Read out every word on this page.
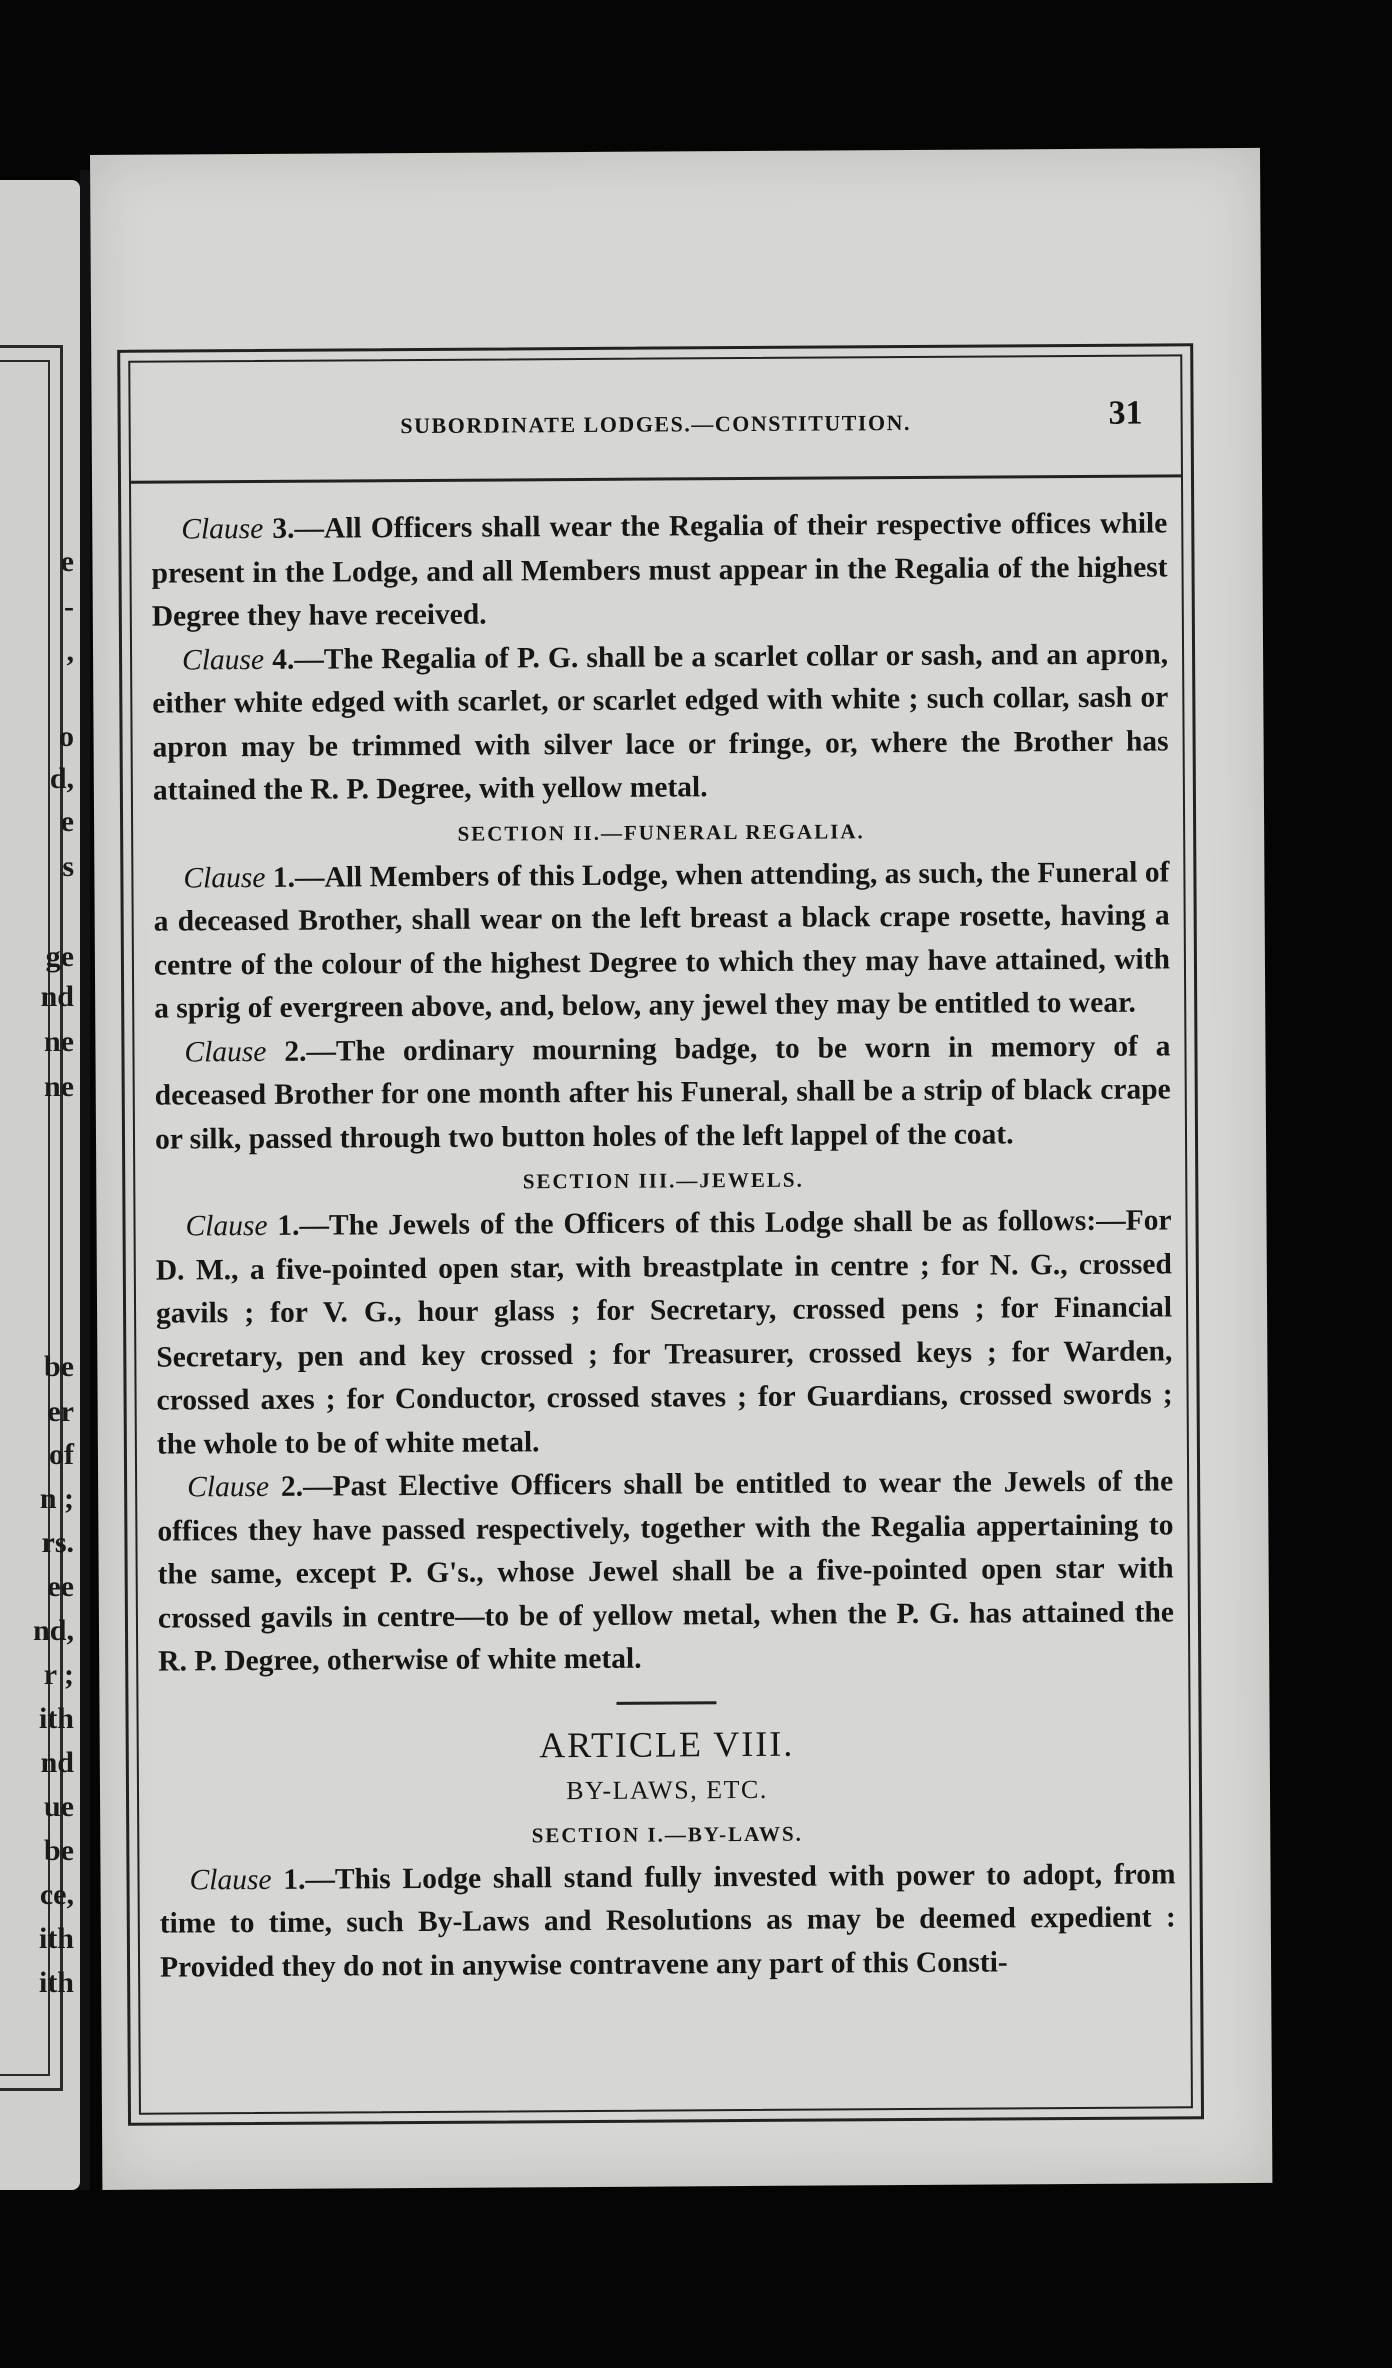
e
-
,
o
d,
e
s
ge
nd
ne
ne
be
er
of
n ;
rs.
ee
nd,
r ;
ith
nd
ue
be
ce,
ith
ith
SUBORDINATE LODGES.—CONSTITUTION.	31

Clause 3.—All Officers shall wear the Regalia of their respective offices while present in the Lodge, and all Members must appear in the Regalia of the highest Degree they have received.

Clause 4.—The Regalia of P. G. shall be a scarlet collar or sash, and an apron, either white edged with scarlet, or scarlet edged with white ; such collar, sash or apron may be trimmed with silver lace or fringe, or, where the Brother has attained the R. P. Degree, with yellow metal.

SECTION II.—FUNERAL REGALIA.

Clause 1.—All Members of this Lodge, when attending, as such, the Funeral of a deceased Brother, shall wear on the left breast a black crape rosette, having a centre of the colour of the highest Degree to which they may have attained, with a sprig of evergreen above, and, below, any jewel they may be entitled to wear.

Clause 2.—The ordinary mourning badge, to be worn in memory of a deceased Brother for one month after his Funeral, shall be a strip of black crape or silk, passed through two button holes of the left lappel of the coat.

SECTION III.—JEWELS.

Clause 1.—The Jewels of the Officers of this Lodge shall be as follows:—For D. M., a five-pointed open star, with breastplate in centre ; for N. G., crossed gavils ; for V. G., hour glass ; for Secretary, crossed pens ; for Financial Secretary, pen and key crossed ; for Treasurer, crossed keys ; for Warden, crossed axes ; for Conductor, crossed staves ; for Guardians, crossed swords ; the whole to be of white metal.

Clause 2.—Past Elective Officers shall be entitled to wear the Jewels of the offices they have passed respectively, together with the Regalia appertaining to the same, except P. G's., whose Jewel shall be a five-pointed open star with crossed gavils in centre—to be of yellow metal, when the P. G. has attained the R. P. Degree, otherwise of white metal.

ARTICLE VIII.
BY-LAWS, ETC.
SECTION I.—BY-LAWS.

Clause 1.—This Lodge shall stand fully invested with power to adopt, from time to time, such By-Laws and Resolutions as may be deemed expedient : Provided they do not in anywise contravene any part of this Consti-
